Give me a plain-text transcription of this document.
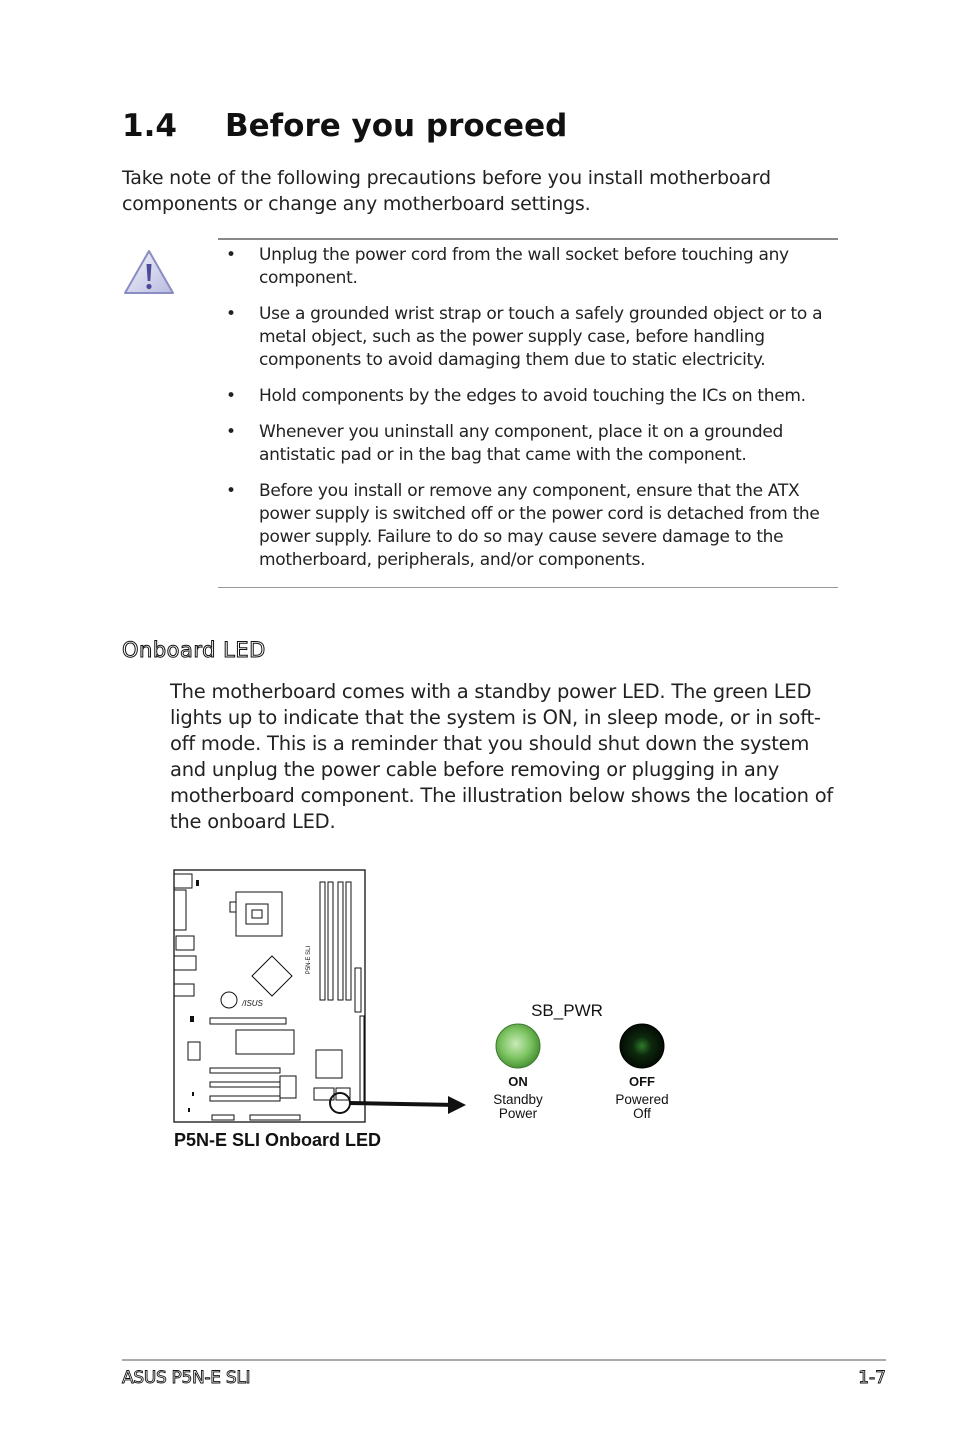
1.4 Before you proceed

Take note of the following precautions before you install motherboard components or change any motherboard settings.

• Unplug the power cord from the wall socket before touching any component.
• Use a grounded wrist strap or touch a safely grounded object or to a metal object, such as the power supply case, before handling components to avoid damaging them due to static electricity.
• Hold components by the edges to avoid touching the ICs on them.
• Whenever you uninstall any component, place it on a grounded antistatic pad or in the bag that came with the component.
• Before you install or remove any component, ensure that the ATX power supply is switched off or the power cord is detached from the power supply. Failure to do so may cause severe damage to the motherboard, peripherals, and/or components.
Onboard LED

The motherboard comes with a standby power LED. The green LED lights up to indicate that the system is ON, in sleep mode, or in soft-off mode. This is a reminder that you should shut down the system and unplug the power cable before removing or plugging in any motherboard component. The illustration below shows the location of the onboard LED.

P5N-E SLI
/ISUS	SB_PWR
ON
Standby
Power
OFF
Powered
Off
P5N-E SLI Onboard LED
ASUS P5N-E SLI	1-7
